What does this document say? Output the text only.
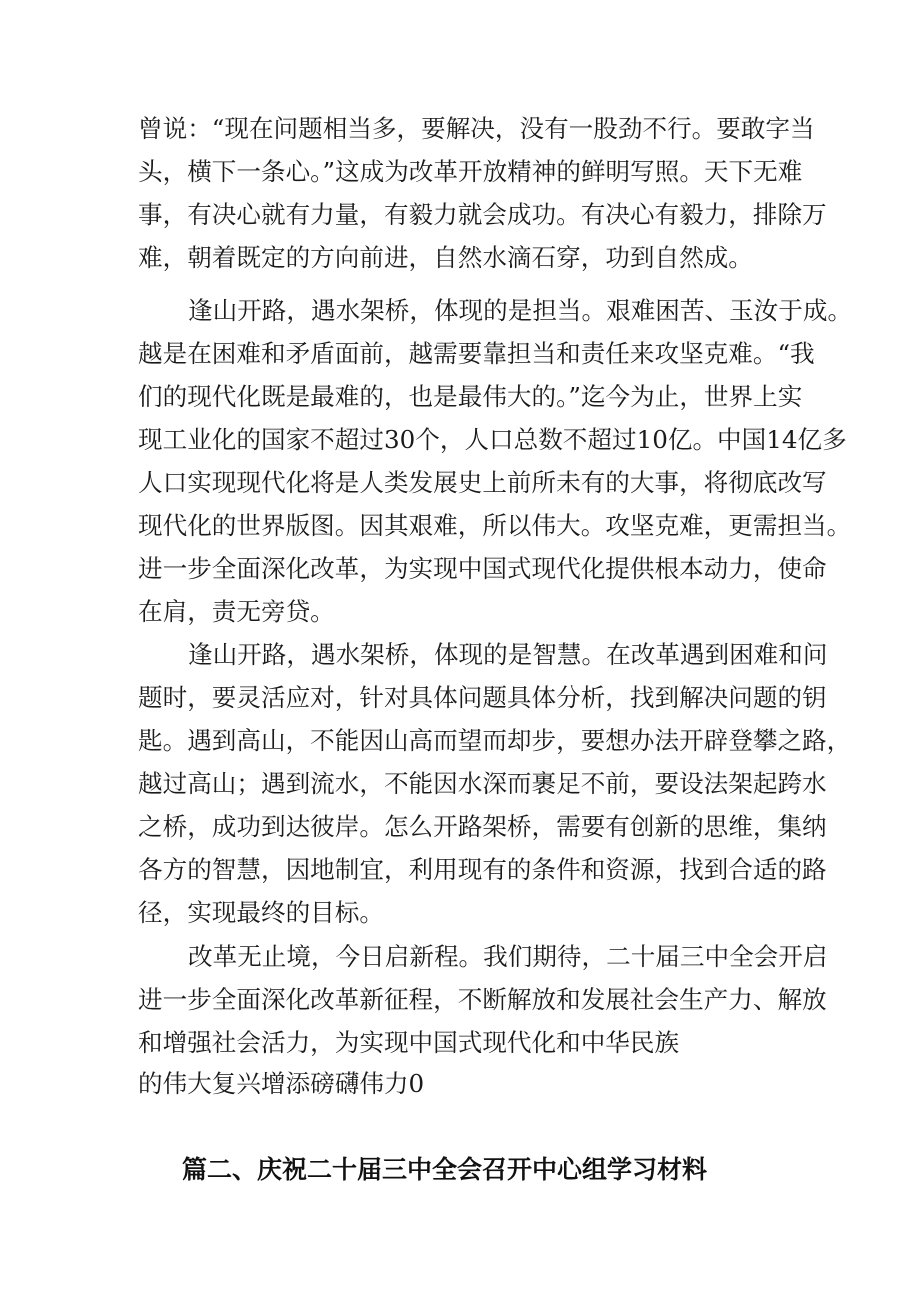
曾说：“现在问题相当多，要解决，没有一股劲不行。要敢字当
头，横下一条心。”这成为改革开放精神的鲜明写照。天下无难
事，有决心就有力量，有毅力就会成功。有决心有毅力，排除万
难，朝着既定的方向前进，自然水滴石穿，功到自然成。
逢山开路，遇水架桥，体现的是担当。艰难困苦、玉汝于成。
越是在困难和矛盾面前，越需要靠担当和责任来攻坚克难。“我
们的现代化既是最难的，也是最伟大的。”迄今为止，世界上实
现工业化的国家不超过30个，人口总数不超过10亿。中国14亿多
人口实现现代化将是人类发展史上前所未有的大事，将彻底改写
现代化的世界版图。因其艰难，所以伟大。攻坚克难，更需担当。
进一步全面深化改革，为实现中国式现代化提供根本动力，使命
在肩，责无旁贷。
逢山开路，遇水架桥，体现的是智慧。在改革遇到困难和问
题时，要灵活应对，针对具体问题具体分析，找到解决问题的钥
匙。遇到高山，不能因山高而望而却步，要想办法开辟登攀之路，
越过高山；遇到流水，不能因水深而裹足不前，要设法架起跨水
之桥，成功到达彼岸。怎么开路架桥，需要有创新的思维，集纳
各方的智慧，因地制宜，利用现有的条件和资源，找到合适的路
径，实现最终的目标。
改革无止境，今日启新程。我们期待，二十届三中全会开启
进一步全面深化改革新征程，不断解放和发展社会生产力、解放
和增强社会活力，为实现中国式现代化和中华民族
的伟大复兴增添磅礴伟力0
篇二、庆祝二十届三中全会召开中心组学习材料
